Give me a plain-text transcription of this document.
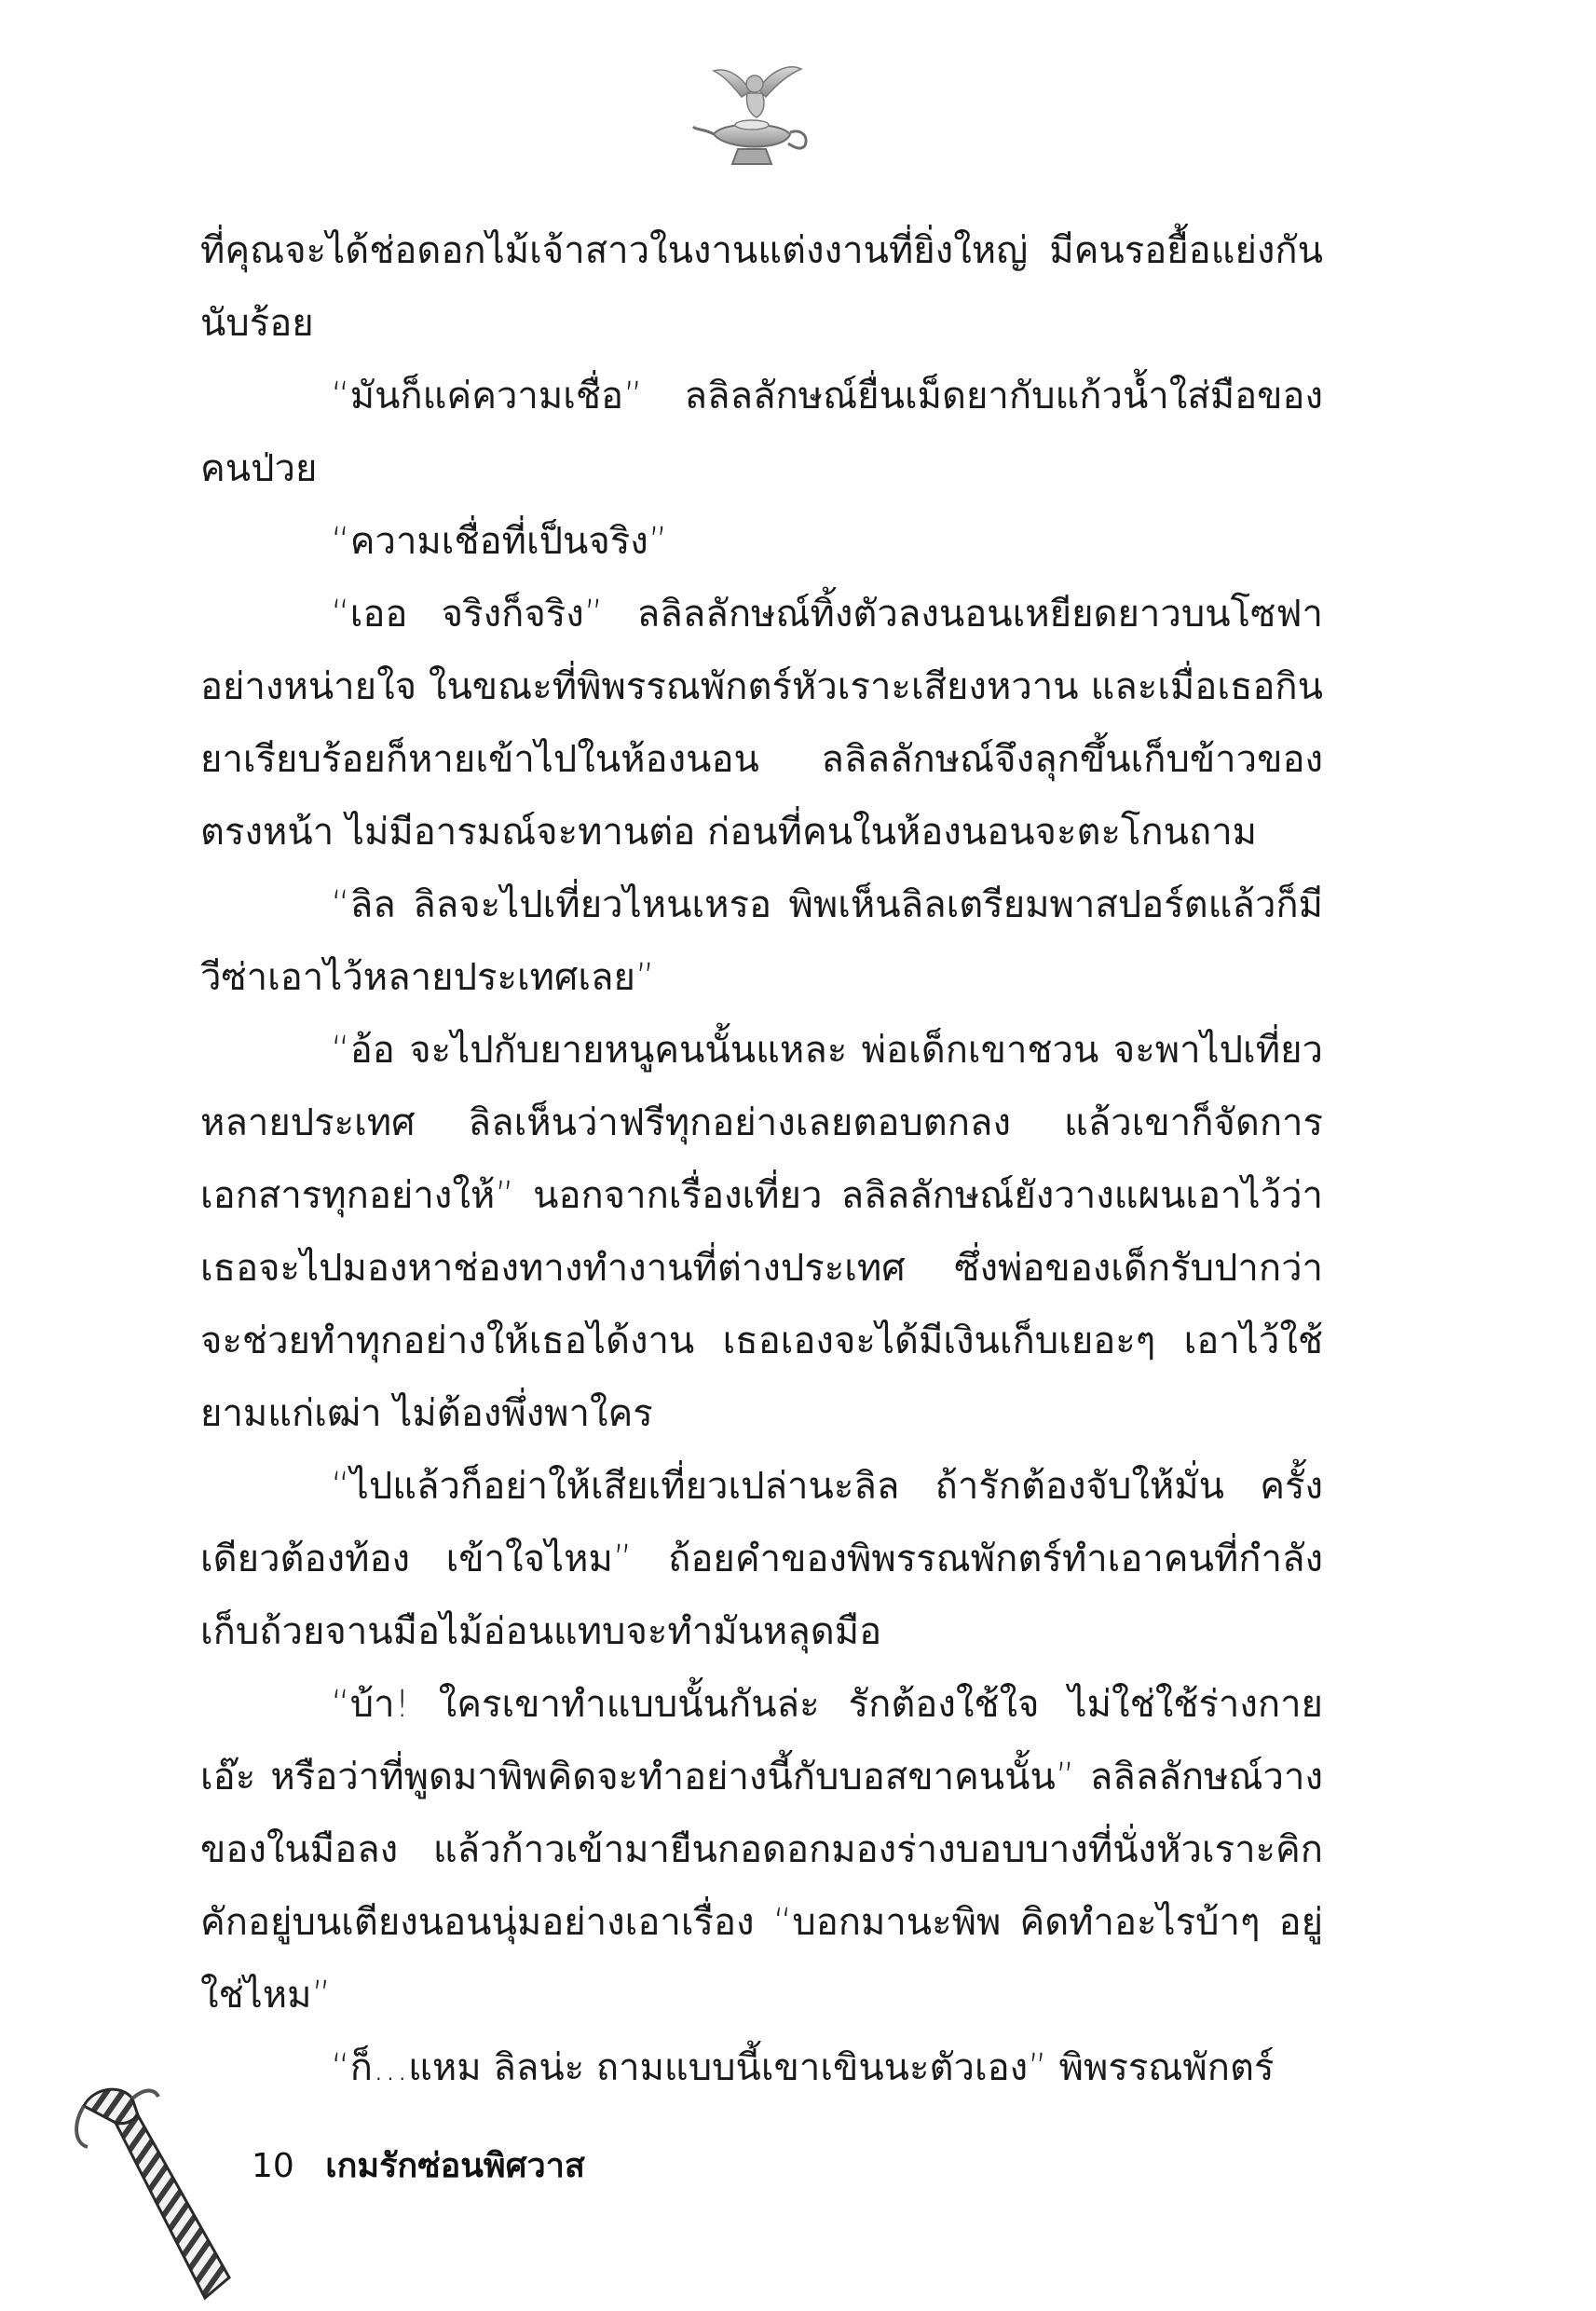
ที่คุณจะได้ช่อดอกไม้เจ้าสาวในงานแต่งงานที่ยิ่งใหญ่ มีคนรอยื้อแย่งกันนับร้อย

“มันก็แค่ความเชื่อ” ลลิลลักษณ์ยื่นเม็ดยากับแก้วน้ำใส่มือของคนป่วย

“ความเชื่อที่เป็นจริง”

“เออ จริงก็จริง” ลลิลลักษณ์ทิ้งตัวลงนอนเหยียดยาวบนโซฟาอย่างหน่ายใจ ในขณะที่พิพรรณพักตร์หัวเราะเสียงหวาน และเมื่อเธอกินยาเรียบร้อยก็หายเข้าไปในห้องนอน ลลิลลักษณ์จึงลุกขึ้นเก็บข้าวของตรงหน้า ไม่มีอารมณ์จะทานต่อ ก่อนที่คนในห้องนอนจะตะโกนถาม

“ลิล ลิลจะไปเที่ยวไหนเหรอ พิพเห็นลิลเตรียมพาสปอร์ตแล้วก็มีวีซ่าเอาไว้หลายประเทศเลย”

“อ้อ จะไปกับยายหนูคนนั้นแหละ พ่อเด็กเขาชวน จะพาไปเที่ยวหลายประเทศ ลิลเห็นว่าฟรีทุกอย่างเลยตอบตกลง แล้วเขาก็จัดการเอกสารทุกอย่างให้” นอกจากเรื่องเที่ยว ลลิลลักษณ์ยังวางแผนเอาไว้ว่าเธอจะไปมองหาช่องทางทำงานที่ต่างประเทศ ซึ่งพ่อของเด็กรับปากว่าจะช่วยทำทุกอย่างให้เธอได้งาน เธอเองจะได้มีเงินเก็บเยอะๆ เอาไว้ใช้ยามแก่เฒ่า ไม่ต้องพึ่งพาใคร

“ไปแล้วก็อย่าให้เสียเที่ยวเปล่านะลิล ถ้ารักต้องจับให้มั่น ครั้งเดียวต้องท้อง เข้าใจไหม” ถ้อยคำของพิพรรณพักตร์ทำเอาคนที่กำลังเก็บถ้วยจานมือไม้อ่อนแทบจะทำมันหลุดมือ

“บ้า! ใครเขาทำแบบนั้นกันล่ะ รักต้องใช้ใจ ไม่ใช่ใช้ร่างกาย เอ๊ะ หรือว่าที่พูดมาพิพคิดจะทำอย่างนี้กับบอสขาคนนั้น” ลลิลลักษณ์วางของในมือลง แล้วก้าวเข้ามายืนกอดอกมองร่างบอบบางที่นั่งหัวเราะคิกคักอยู่บนเตียงนอนนุ่มอย่างเอาเรื่อง “บอกมานะพิพ คิดทำอะไรบ้าๆ อยู่ใช่ไหม”

“ก็...แหม ลิลน่ะ ถามแบบนี้เขาเขินนะตัวเอง” พิพรรณพักตร์

10 เกมรักซ่อนพิศวาส
